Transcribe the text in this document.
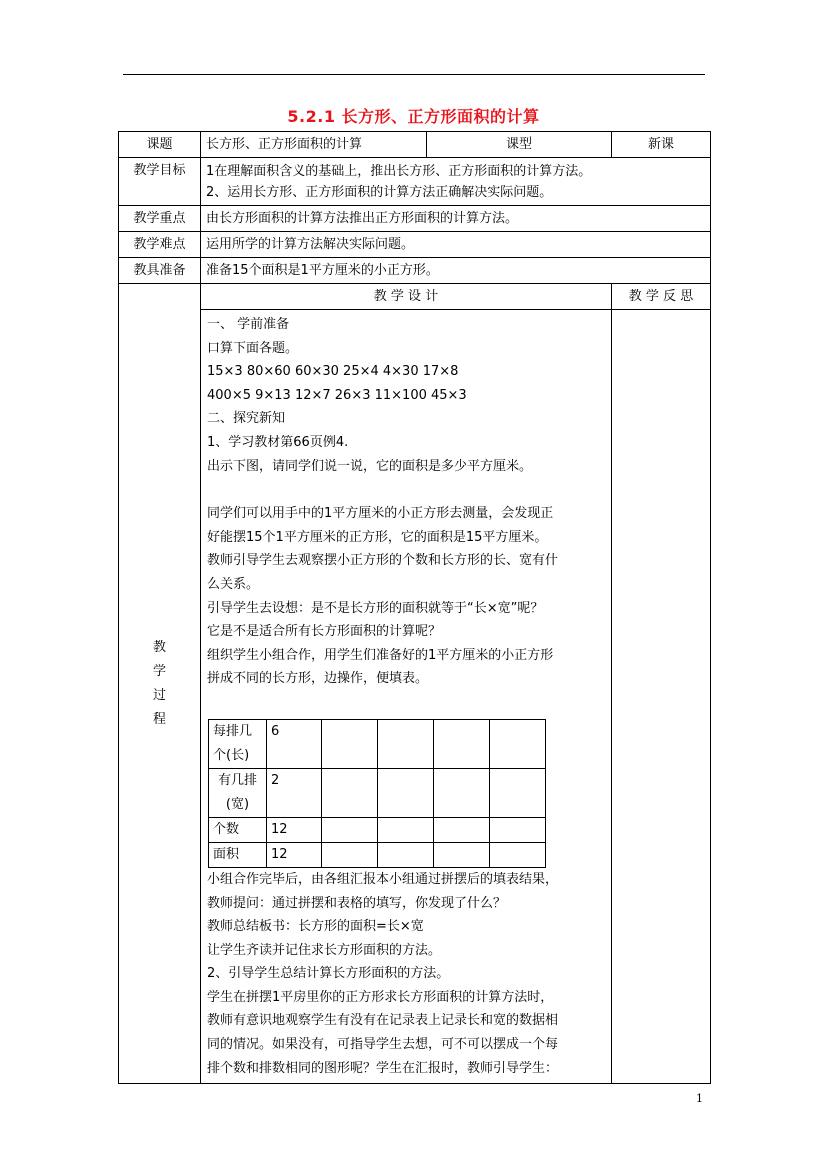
5.2.1 长方形、正方形面积的计算
课题	长方形、正方形面积的计算	课型	新课
教学目标	1在理解面积含义的基础上，推出长方形、正方形面积的计算方法。
2、运用长方形、正方形面积的计算方法正确解决实际问题。

教学重点	由长方形面积的计算方法推出正方形面积的计算方法。
教学难点	运用所学的计算方法解决实际问题。
教具准备	准备15个面积是1平方厘米的小正方形。

教
学
过
程
	教 学 设 计	教 学 反 思

一、 学前准备

口算下面各题。

15×3 80×60 60×30 25×4 4×30 17×8

400×5 9×13 12×7 26×3 11×100 45×3

二、探究新知

1、学习教材第66页例4.

出示下图，请同学们说一说，它的面积是多少平方厘米。

同学们可以用手中的1平方厘米的小正方形去测量，会发现正

好能摆15个1平方厘米的正方形，它的面积是15平方厘米。

教师引导学生去观察摆小正方形的个数和长方形的长、宽有什

么关系。

引导学生去设想：是不是长方形的面积就等于“长×宽”呢？

它是不是适合所有长方形面积的计算呢？

组织学生小组合作，用学生们准备好的1平方厘米的小正方形

拼成不同的长方形，边操作，便填表。

每排几
个(长)
	6				

有几排
(宽)
	2				
个数	12				
面积	12				

小组合作完毕后，由各组汇报本小组通过拼摆后的填表结果，

教师提问：通过拼摆和表格的填写，你发现了什么？

教师总结板书：长方形的面积=长×宽

让学生齐读并记住求长方形面积的方法。

2、引导学生总结计算长方形面积的方法。

学生在拼摆1平房里你的正方形求长方形面积的计算方法时，

教师有意识地观察学生有没有在记录表上记录长和宽的数据相

同的情况。如果没有，可指导学生去想，可不可以摆成一个每

排个数和排数相同的图形呢？学生在汇报时，教师引导学生：

1
